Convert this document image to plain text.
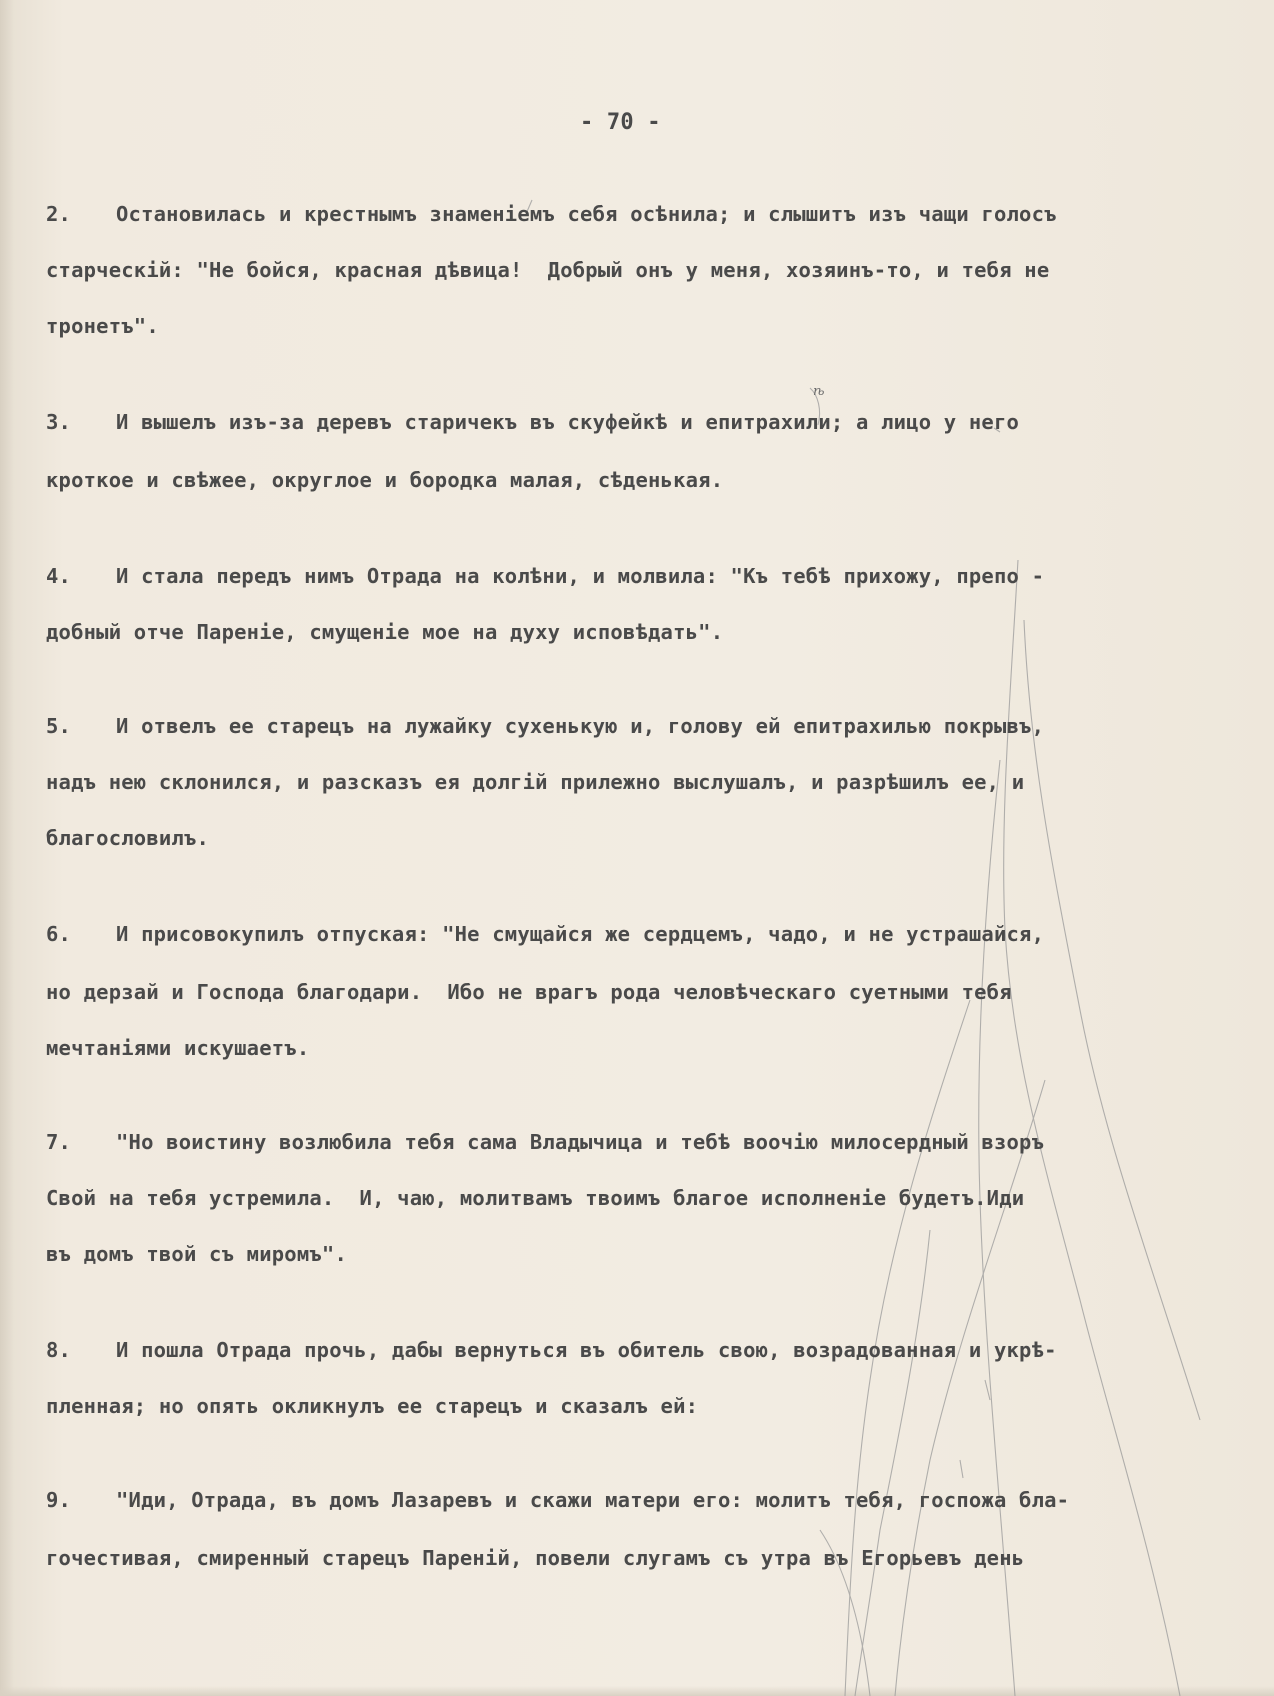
ѣ
- 70 -
2. Остановилась и крестнымъ знаменіемъ себя осѣнила; и слышитъ изъ чащи голосъ
старческій: "Не бойся, красная дѣвица!  Добрый онъ у меня, хозяинъ-то, и тебя не
тронетъ".
3. И вышелъ изъ-за деревъ старичекъ въ скуфейкѣ и епитрахили; а лицо у него
кроткое и свѣжее, округлое и бородка малая, сѣденькая.
4. И стала передъ нимъ Отрада на колѣни, и молвила: "Къ тебѣ прихожу, препо -
добный отче Пареніе, смущеніе мое на духу исповѣдать".
5. И отвелъ ее старецъ на лужайку сухенькую и, голову ей епитрахилью покрывъ,
надъ нею склонился, и разсказъ ея долгій прилежно выслушалъ, и разрѣшилъ ее, и
благословилъ.
6. И присовокупилъ отпуская: "Не смущайся же сердцемъ, чадо, и не устрашайся,
но дерзай и Господа благодари.  Ибо не врагъ рода человѣческаго суетными тебя
мечтаніями искушаетъ.
7. "Но воистину возлюбила тебя сама Владычица и тебѣ воочію милосердный взоръ
Свой на тебя устремила.  И, чаю, молитвамъ твоимъ благое исполненіе будетъ.Иди
въ домъ твой съ миромъ".
8. И пошла Отрада прочь, дабы вернуться въ обитель свою, возрадованная и укрѣ-
пленная; но опять окликнулъ ее старецъ и сказалъ ей:
9. "Иди, Отрада, въ домъ Лазаревъ и скажи матери его: молитъ тебя, госпожа бла-
гочестивая, смиренный старецъ Пареній, повели слугамъ съ утра въ Егорьевъ день
